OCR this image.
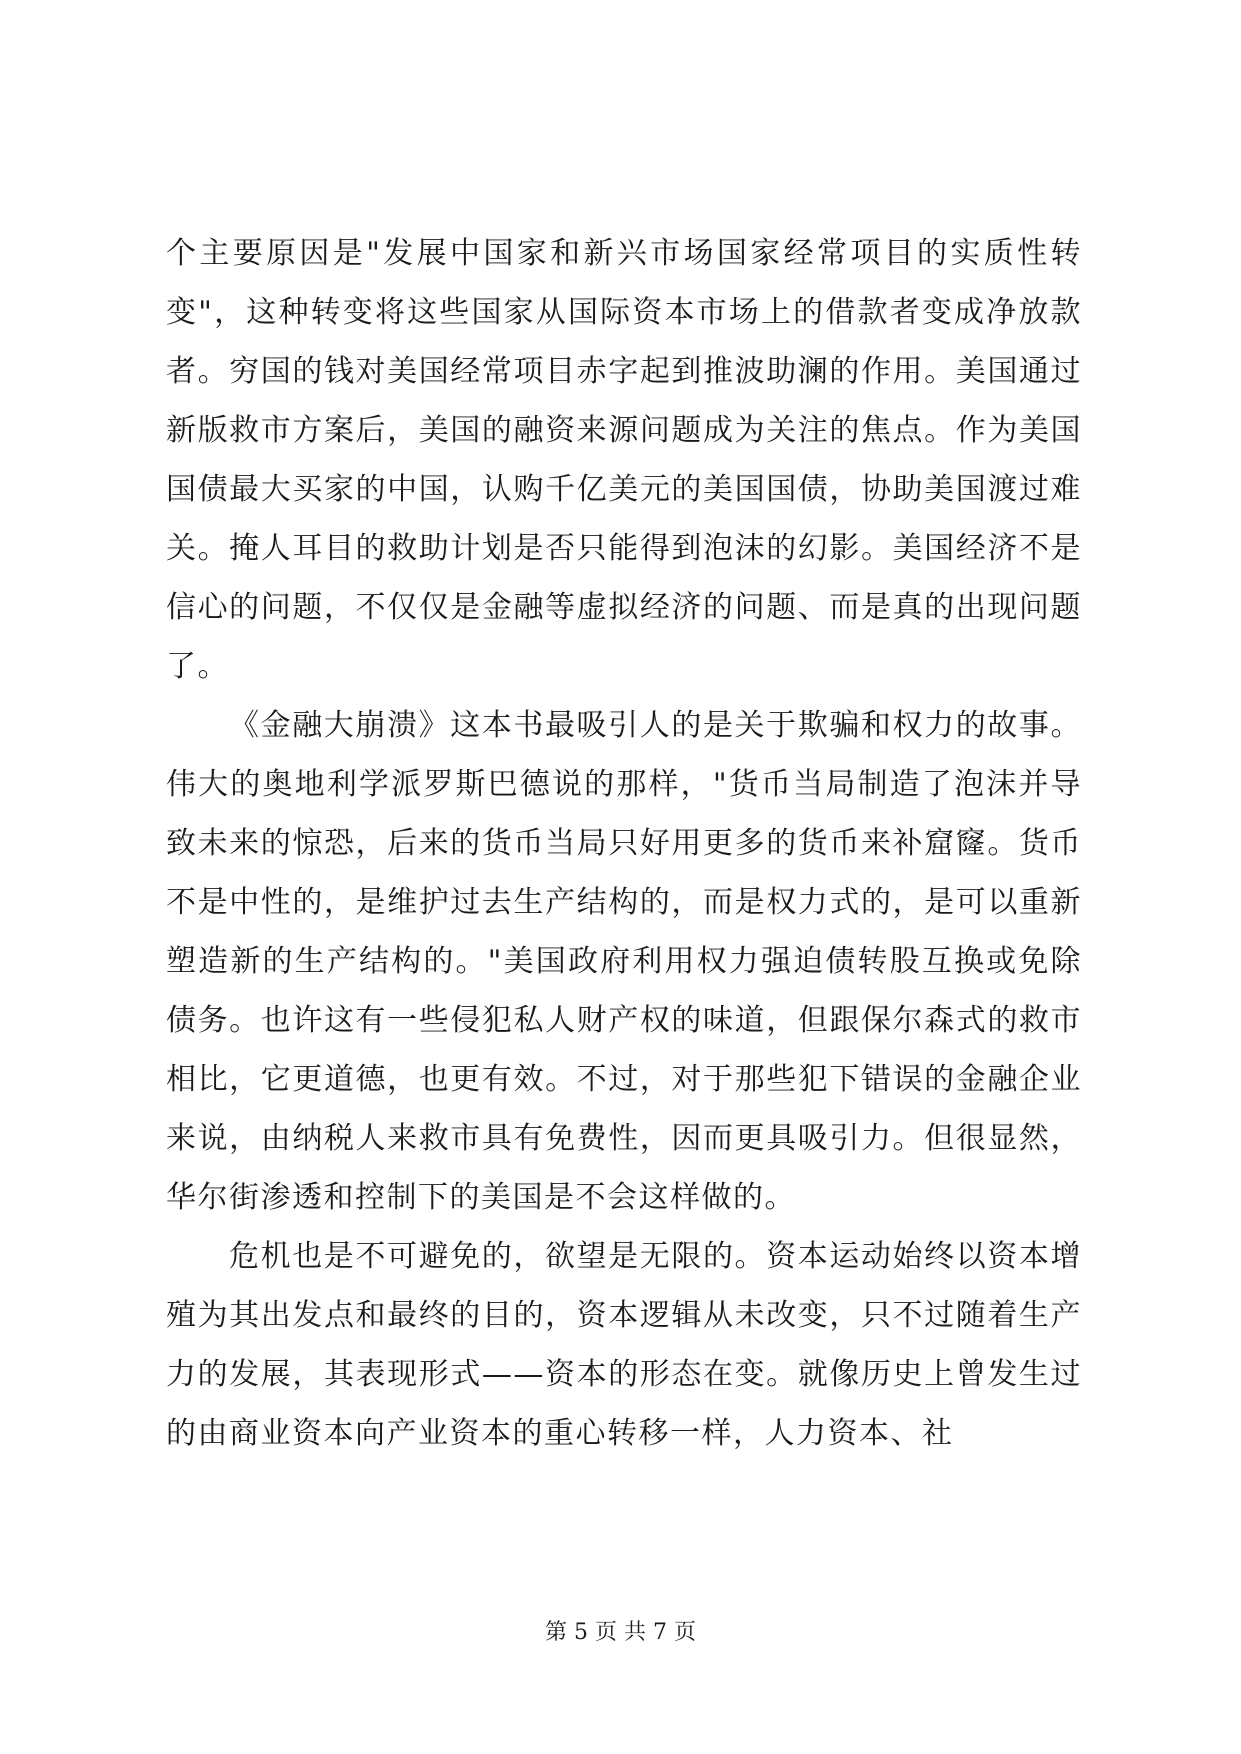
个主要原因是"发展中国家和新兴市场国家经常项目的实质性转变"，这种转变将这些国家从国际资本市场上的借款者变成净放款者。穷国的钱对美国经常项目赤字起到推波助澜的作用。美国通过新版救市方案后，美国的融资来源问题成为关注的焦点。作为美国国债最大买家的中国，认购千亿美元的美国国债，协助美国渡过难关。掩人耳目的救助计划是否只能得到泡沫的幻影。美国经济不是信心的问题，不仅仅是金融等虚拟经济的问题、而是真的出现问题了。

《金融大崩溃》这本书最吸引人的是关于欺骗和权力的故事。伟大的奥地利学派罗斯巴德说的那样，"货币当局制造了泡沫并导致未来的惊恐，后来的货币当局只好用更多的货币来补窟窿。货币不是中性的，是维护过去生产结构的，而是权力式的，是可以重新塑造新的生产结构的。"美国政府利用权力强迫债转股互换或免除债务。也许这有一些侵犯私人财产权的味道，但跟保尔森式的救市相比，它更道德，也更有效。不过，对于那些犯下错误的金融企业来说，由纳税人来救市具有免费性，因而更具吸引力。但很显然，华尔街渗透和控制下的美国是不会这样做的。

危机也是不可避免的，欲望是无限的。资本运动始终以资本增殖为其出发点和最终的目的，资本逻辑从未改变，只不过随着生产力的发展，其表现形式——资本的形态在变。就像历史上曾发生过的由商业资本向产业资本的重心转移一样，人力资本、社

第 5 页 共 7 页
